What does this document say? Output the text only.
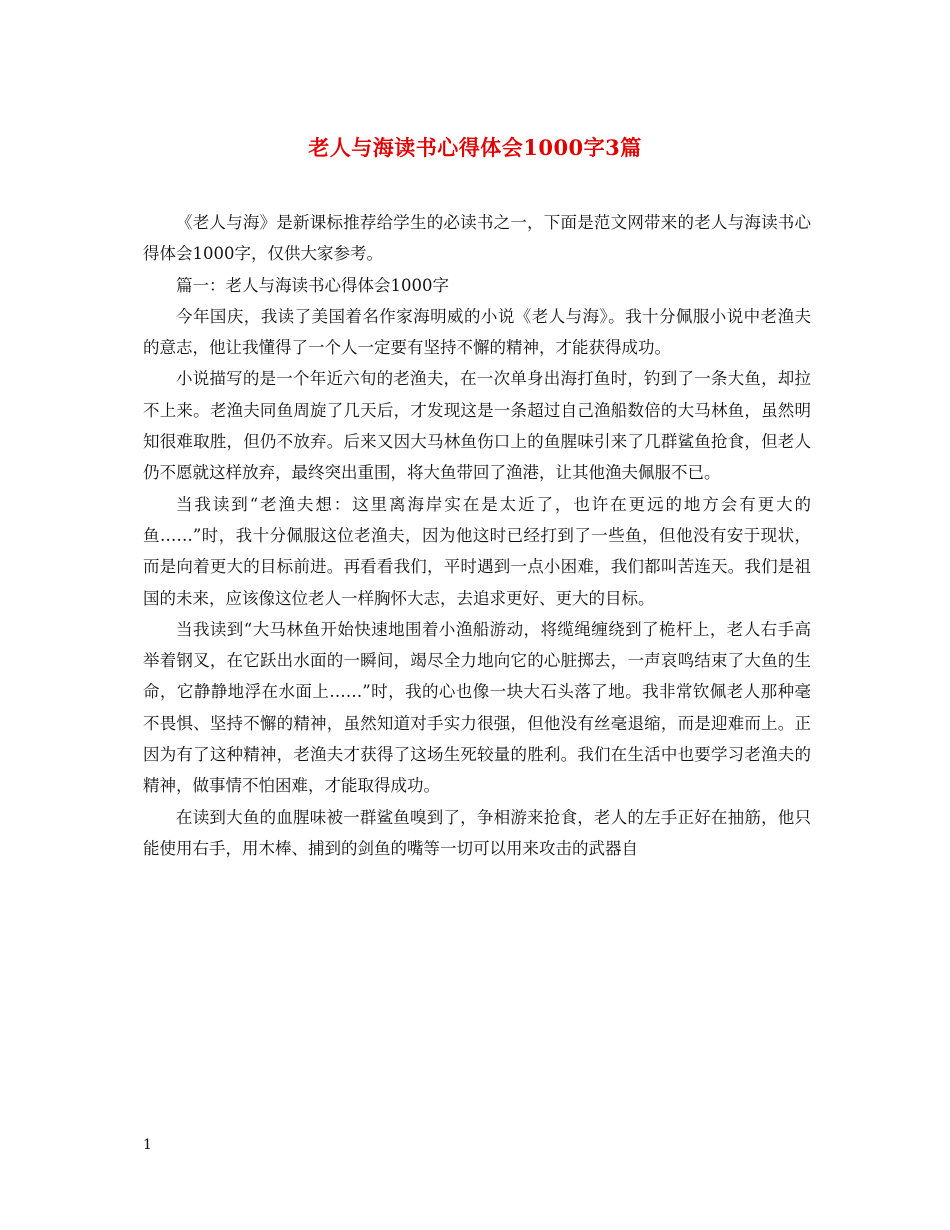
老人与海读书心得体会1000字3篇

《老人与海》是新课标推荐给学生的必读书之一，下面是范文网带来的老人与海读书心得体会1000字，仅供大家参考。

篇一：老人与海读书心得体会1000字

今年国庆，我读了美国着名作家海明威的小说《老人与海》。我十分佩服小说中老渔夫的意志，他让我懂得了一个人一定要有坚持不懈的精神，才能获得成功。

小说描写的是一个年近六旬的老渔夫，在一次单身出海打鱼时，钓到了一条大鱼，却拉不上来。老渔夫同鱼周旋了几天后，才发现这是一条超过自己渔船数倍的大马林鱼，虽然明知很难取胜，但仍不放弃。后来又因大马林鱼伤口上的鱼腥味引来了几群鲨鱼抢食，但老人仍不愿就这样放弃，最终突出重围，将大鱼带回了渔港，让其他渔夫佩服不已。

当我读到“老渔夫想：这里离海岸实在是太近了，也许在更远的地方会有更大的鱼……”时，我十分佩服这位老渔夫，因为他这时已经打到了一些鱼，但他没有安于现状，而是向着更大的目标前进。再看看我们，平时遇到一点小困难，我们都叫苦连天。我们是祖国的未来，应该像这位老人一样胸怀大志，去追求更好、更大的目标。

当我读到“大马林鱼开始快速地围着小渔船游动，将缆绳缠绕到了桅杆上，老人右手高举着钢叉，在它跃出水面的一瞬间，竭尽全力地向它的心脏掷去，一声哀鸣结束了大鱼的生命，它静静地浮在水面上……”时，我的心也像一块大石头落了地。我非常钦佩老人那种毫不畏惧、坚持不懈的精神，虽然知道对手实力很强，但他没有丝毫退缩，而是迎难而上。正因为有了这种精神，老渔夫才获得了这场生死较量的胜利。我们在生活中也要学习老渔夫的精神，做事情不怕困难，才能取得成功。

在读到大鱼的血腥味被一群鲨鱼嗅到了，争相游来抢食，老人的左手正好在抽筋，他只能使用右手，用木棒、捕到的剑鱼的嘴等一切可以用来攻击的武器自

1
